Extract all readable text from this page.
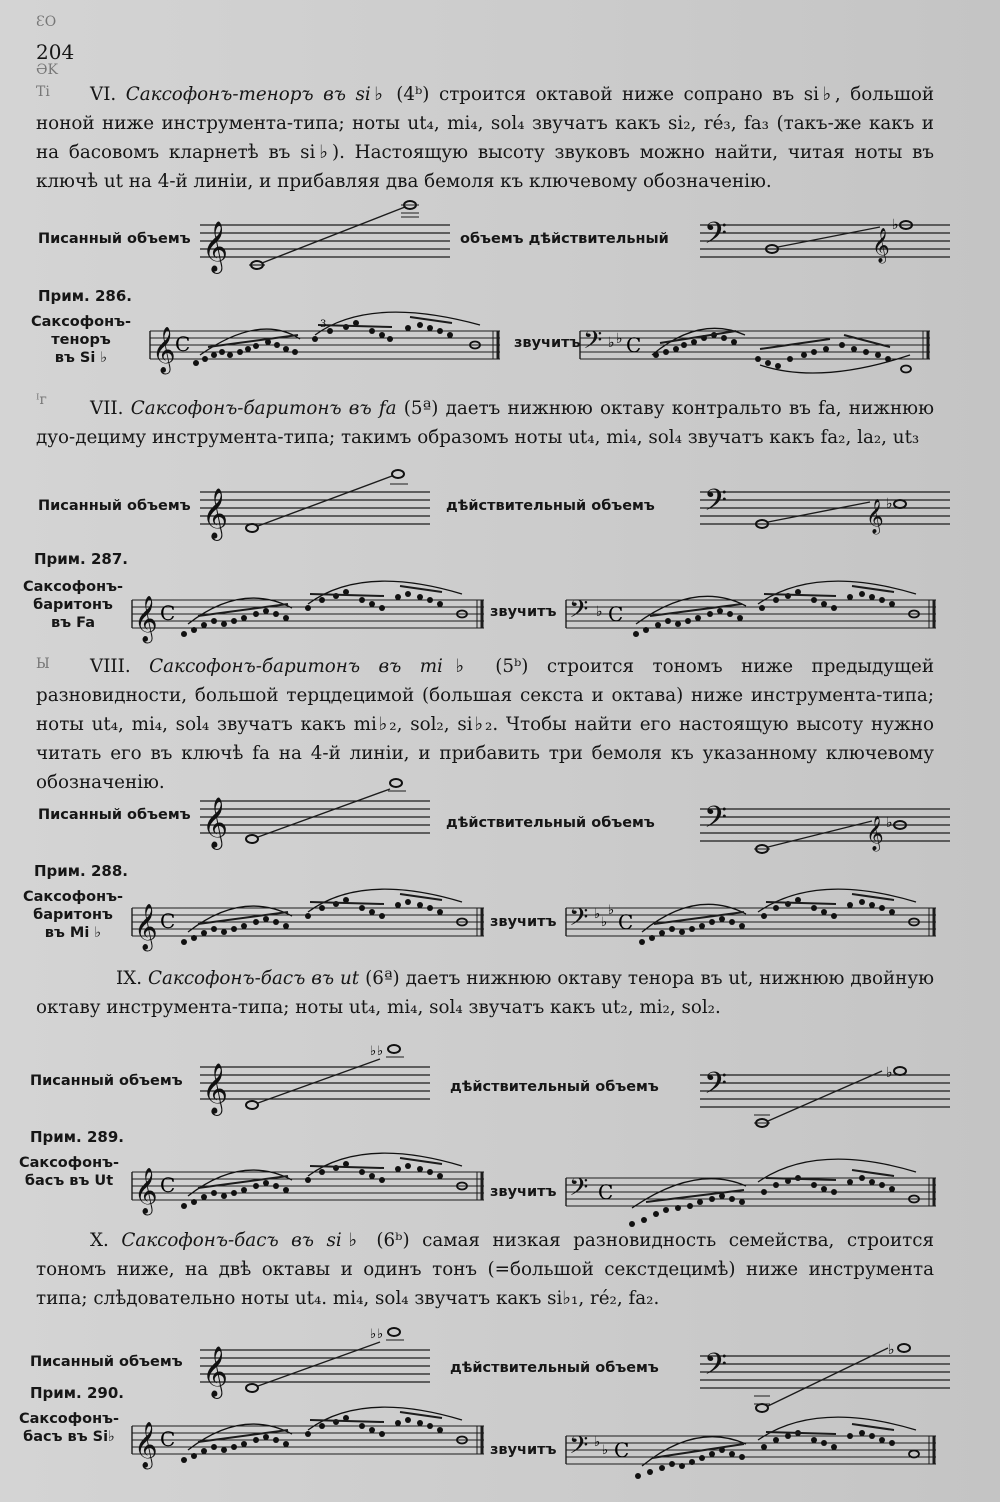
204
ƐO
ƏK
Ті
ᴵг
Ы

VI. Саксофонъ-теноръ въ si♭ (4ᵇ) строится октавой ниже сопрано въ si♭, большой ноной ниже инструмента-типа; ноты ut₄, mi₄, sol₄ звучатъ какъ si₂, ré₃, fa₃ (такъ-же какъ и на басовомъ кларнетѣ въ si♭). Настоящую высоту звуковъ можно найти, читая ноты въ ключѣ ut на 4-й линіи, и прибавляя два бемоля къ ключевому обозначенію.

Писанный объемъ 𝄞	объемъ дѣйствительный 𝄢	𝄞
♭
Прим. 286.
Саксофонъ-
теноръ
въ Si ♭	𝄞 C
3
звучитъ 𝄢 ♭ ♭ C

VII. Саксофонъ-баритонъ въ fa (5ª) даетъ нижнюю октаву контральто въ fa, нижнюю дуо-дециму инструмента-типа; такимъ образомъ ноты ut₄, mi₄, sol₄ звучатъ какъ fa₂, la₂, ut₃

Писанный объемъ 𝄞	дѣйствительный объемъ 𝄢	𝄞 ♭
Прим. 287.
Саксофонъ-
баритонъ
въ Fa 𝄞 C	звучитъ 𝄢 ♭ C

VIII. Саксофонъ-баритонъ въ mi♭ (5ᵇ) строится тономъ ниже предыдущей разновидности, большой терцдецимой (большая секста и октава) ниже инструмента-типа; ноты ut₄, mi₄, sol₄ звучатъ какъ mi♭₂, sol₂, si♭₂. Чтобы найти его настоящую высоту нужно читать его въ ключѣ fa на 4-й линіи, и прибавить три бемоля къ указанному ключевому обозначенію.

Писанный объемъ 𝄞	дѣйствительный объемъ 𝄢	𝄞 ♭
Прим. 288.
Саксофонъ-
баритонъ
въ Mi ♭ 𝄞 C	звучитъ 𝄢 ♭
♭
♭ C

IX. Саксофонъ-басъ въ ut (6ª) даетъ нижнюю октаву тенора въ ut, нижнюю двойную октаву инструмента-типа; ноты ut₄, mi₄, sol₄ звучатъ какъ ut₂, mi₂, sol₂.

Писанный объемъ 𝄞
♭ ♭
дѣйствительный объемъ 𝄢	♭
Прим. 289.
Саксофонъ-
басъ въ Ut 𝄞 C	звучитъ 𝄢 C

X. Саксофонъ-басъ въ si♭ (6ᵇ) самая низкая разновидность семейства, строится тономъ ниже, на двѣ октавы и одинъ тонъ (=большой секстдецимѣ) ниже инструмента типа; слѣдовательно ноты ut₄. mi₄, sol₄ звучатъ какъ si♭₁, ré₂, fa₂.

Писанный объемъ 𝄞
♭ ♭
дѣйствительный объемъ 𝄢	♭
Прим. 290.
Саксофонъ-
басъ въ Si♭ 𝄞 C	звучитъ 𝄢 ♭
♭ C
